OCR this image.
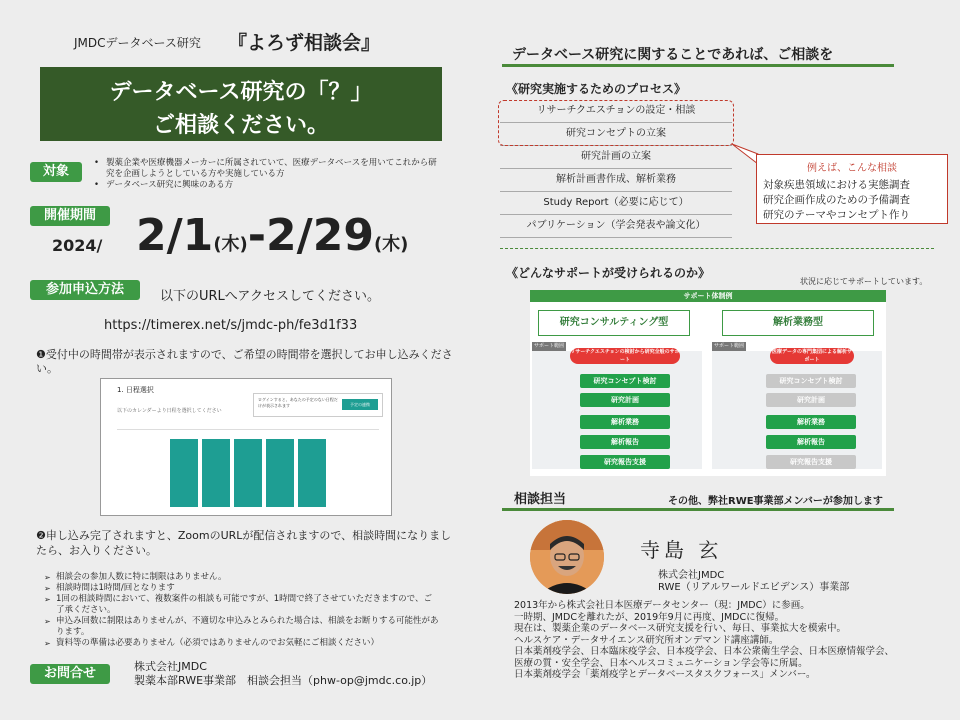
JMDCデータベース研究 『よろず相談会』
データベース研究の「？」
ご相談ください。
対象
• 製薬企業や医療機器メーカーに所属されていて、医療データベースを用いてこれから研究を企画しようとしている方や実施している方
• データベース研究に興味のある方
開催期間
2024/ 2/1(木)-2/29(木)
参加申込方法	以下のURLへアクセスしてください。
https://timerex.net/s/jmdc-ph/fe3d1f33
❶受付中の時間帯が表示されますので、ご希望の時間帯を選択してお申し込みください。
1. 日程選択
以下のカレンダーより日程を選択してください
ログインすると、あなたの予定のない日程だけが表示されます	予定の連携
❷申し込み完了されますと、ZoomのURLが配信されますので、相談時間になりましたら、お入りください。
➢ 相談会の参加人数に特に制限はありません。
➢ 相談時間は1時間/回となります
➢ 1回の相談時間において、複数案件の相談も可能ですが、1時間で終了させていただきますので、ご了承ください。
➢ 申込み回数に制限はありませんが、不適切な申込みとみられた場合は、相談をお断りする可能性があります。
➢ 資料等の準備は必要ありません（必須ではありませんのでお気軽にご相談ください）
お問合せ	株式会社JMDC
製薬本部RWE事業部　相談会担当（phw-op@jmdc.co.jp）
データベース研究に関することであれば、ご相談を
《研究実施するためのプロセス》
リサーチクエスチョンの設定・相談
研究コンセプトの立案
研究計画の立案
解析計画書作成、解析業務
Study Report（必要に応じて）
パブリケーション（学会発表や論文化）
例えば、こんな相談
対象疾患領域における実態調査
研究企画作成のための予備調査
研究のテーマやコンセプト作り
《どんなサポートが受けられるのか》
状況に応じてサポートしています。
サポート体制例
研究コンサルティング型	解析業務型
サポート範囲
リサーチクエスチョンの検討から研究全般のサポート
研究コンセプト検討
研究計画
解析業務
解析報告
研究報告支援
サポート範囲
医療データの専門集団による解析サポート
研究コンセプト検討
研究計画
解析業務
解析報告
研究報告支援
相談担当	その他、弊社RWE事業部メンバーが参加します
寺島 玄
株式会社JMDC
RWE（リアルワールドエビデンス）事業部
2013年から株式会社日本医療データセンター（現：JMDC）に参画。
一時期、JMDCを離れたが、2019年9月に再度、JMDCに復帰。
現在は、製薬企業のデータベース研究支援を行い、毎日、事業拡大を模索中。
ヘルスケア・データサイエンス研究所オンデマンド講座講師。
日本薬剤疫学会、日本臨床疫学会、日本疫学会、日本公衆衛生学会、日本医療情報学会、
医療の質・安全学会、日本ヘルスコミュニケーション学会等に所属。
日本薬剤疫学会「薬剤疫学とデータベースタスクフォース」メンバー。
